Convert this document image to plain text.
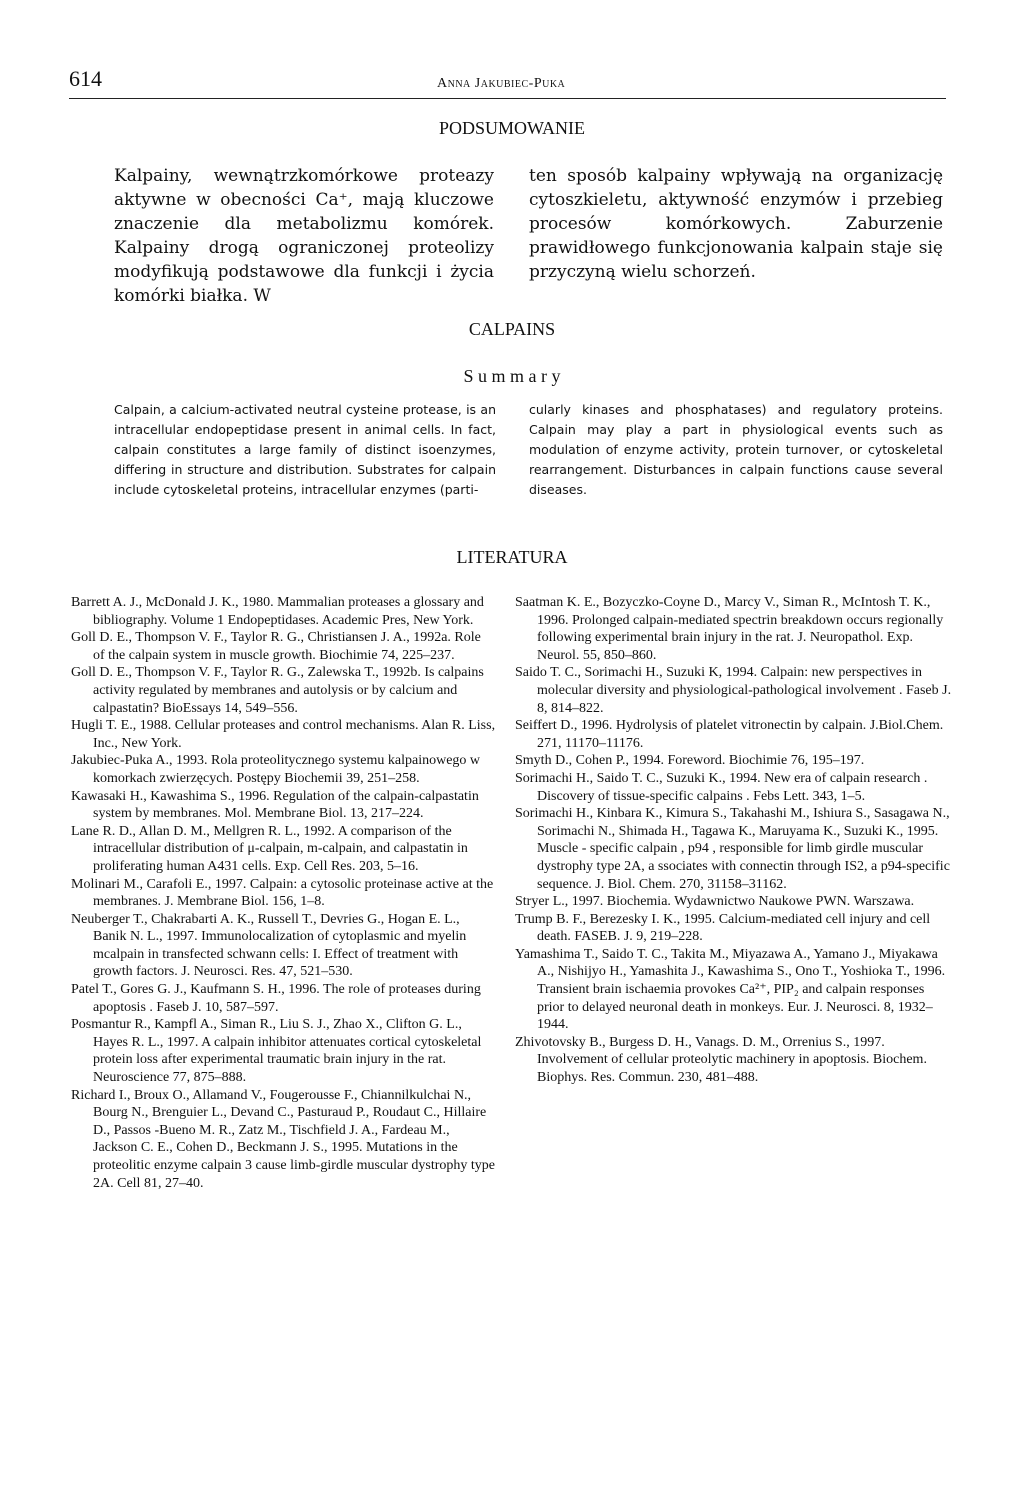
614	Anna Jakubiec-Puka
PODSUMOWANIE
Kalpainy, wewnątrzkomórkowe proteazy aktywne w obecności Ca⁺, mają kluczowe znaczenie dla metabolizmu komórek. Kalpainy drogą ograniczonej proteolizy modyfikują podstawowe dla funkcji i życia komórki białka. W
ten sposób kalpainy wpływają na organizację cytoszkieletu, aktywność enzymów i przebieg procesów komórkowych. Zaburzenie prawidłowego funkcjonowania kalpain staje się przyczyną wielu schorzeń.
CALPAINS
S u m m a r y
Calpain, a calcium-activated neutral cysteine protease, is an intracellular endopeptidase present in animal cells. In fact, calpain constitutes a large family of distinct isoenzymes, differing in structure and distribution. Substrates for calpain include cytoskeletal proteins, intracellular enzymes (parti-
cularly kinases and phosphatases) and regulatory proteins. Calpain may play a part in physiological events such as modulation of enzyme activity, protein turnover, or cytoskeletal rearrangement. Disturbances in calpain functions cause several diseases.
LITERATURA

Barrett A. J., McDonald J. K., 1980. Mammalian proteases a glossary and bibliography. Volume 1 Endopeptidases. Academic Pres, New York.

Goll D. E., Thompson V. F., Taylor R. G., Christiansen J. A., 1992a. Role of the calpain system in muscle growth. Biochimie 74, 225–237.

Goll D. E., Thompson V. F., Taylor R. G., Zalewska T., 1992b. Is calpains activity regulated by membranes and autolysis or by calcium and calpastatin? BioEssays 14, 549–556.

Hugli T. E., 1988. Cellular proteases and control mechanisms. Alan R. Liss, Inc., New York.

Jakubiec-Puka A., 1993. Rola proteolitycznego systemu kalpainowego w komorkach zwierzęcych. Postępy Biochemii 39, 251–258.

Kawasaki H., Kawashima S., 1996. Regulation of the calpain-calpastatin system by membranes. Mol. Membrane Biol. 13, 217–224.

Lane R. D., Allan D. M., Mellgren R. L., 1992. A comparison of the intracellular distribution of μ-calpain, m-calpain, and calpastatin in proliferating human A431 cells. Exp. Cell Res. 203, 5–16.

Molinari M., Carafoli E., 1997. Calpain: a cytosolic proteinase active at the membranes. J. Membrane Biol. 156, 1–8.

Neuberger T., Chakrabarti A. K., Russell T., Devries G., Hogan E. L., Banik N. L., 1997. Immunolocalization of cytoplasmic and myelin mcalpain in transfected schwann cells: I. Effect of treatment with growth factors. J. Neurosci. Res. 47, 521–530.

Patel T., Gores G. J., Kaufmann S. H., 1996. The role of proteases during apoptosis . Faseb J. 10, 587–597.

Posmantur R., Kampfl A., Siman R., Liu S. J., Zhao X., Clifton G. L., Hayes R. L., 1997. A calpain inhibitor attenuates cortical cytoskeletal protein loss after experimental traumatic brain injury in the rat. Neuroscience 77, 875–888.

Richard I., Broux O., Allamand V., Fougerousse F., Chiannilkulchai N., Bourg N., Brenguier L., Devand C., Pasturaud P., Roudaut C., Hillaire D., Passos -Bueno M. R., Zatz M., Tischfield J. A., Fardeau M., Jackson C. E., Cohen D., Beckmann J. S., 1995. Mutations in the proteolitic enzyme calpain 3 cause limb-girdle muscular dystrophy type 2A. Cell 81, 27–40.

Saatman K. E., Bozyczko-Coyne D., Marcy V., Siman R., McIntosh T. K., 1996. Prolonged calpain-mediated spectrin breakdown occurs regionally following experimental brain injury in the rat. J. Neuropathol. Exp. Neurol. 55, 850–860.

Saido T. C., Sorimachi H., Suzuki K, 1994. Calpain: new perspectives in molecular diversity and physiological-pathological involvement . Faseb J. 8, 814–822.

Seiffert D., 1996. Hydrolysis of platelet vitronectin by calpain. J.Biol.Chem. 271, 11170–11176.

Smyth D., Cohen P., 1994. Foreword. Biochimie 76, 195–197.

Sorimachi H., Saido T. C., Suzuki K., 1994. New era of calpain research . Discovery of tissue-specific calpains . Febs Lett. 343, 1–5.

Sorimachi H., Kinbara K., Kimura S., Takahashi M., Ishiura S., Sasagawa N., Sorimachi N., Shimada H., Tagawa K., Maruyama K., Suzuki K., 1995. Muscle - specific calpain , p94 , responsible for limb girdle muscular dystrophy type 2A, a ssociates with connectin through IS2, a p94-specific sequence. J. Biol. Chem. 270, 31158–31162.

Stryer L., 1997. Biochemia. Wydawnictwo Naukowe PWN. Warszawa.

Trump B. F., Berezesky I. K., 1995. Calcium-mediated cell injury and cell death. FASEB. J. 9, 219–228.

Yamashima T., Saido T. C., Takita M., Miyazawa A., Yamano J., Miyakawa A., Nishijyo H., Yamashita J., Kawashima S., Ono T., Yoshioka T., 1996. Transient brain ischaemia provokes Ca²⁺, PIP₂ and calpain responses prior to delayed neuronal death in monkeys. Eur. J. Neurosci. 8, 1932–1944.

Zhivotovsky B., Burgess D. H., Vanags. D. M., Orrenius S., 1997. Involvement of cellular proteolytic machinery in apoptosis. Biochem. Biophys. Res. Commun. 230, 481–488.
